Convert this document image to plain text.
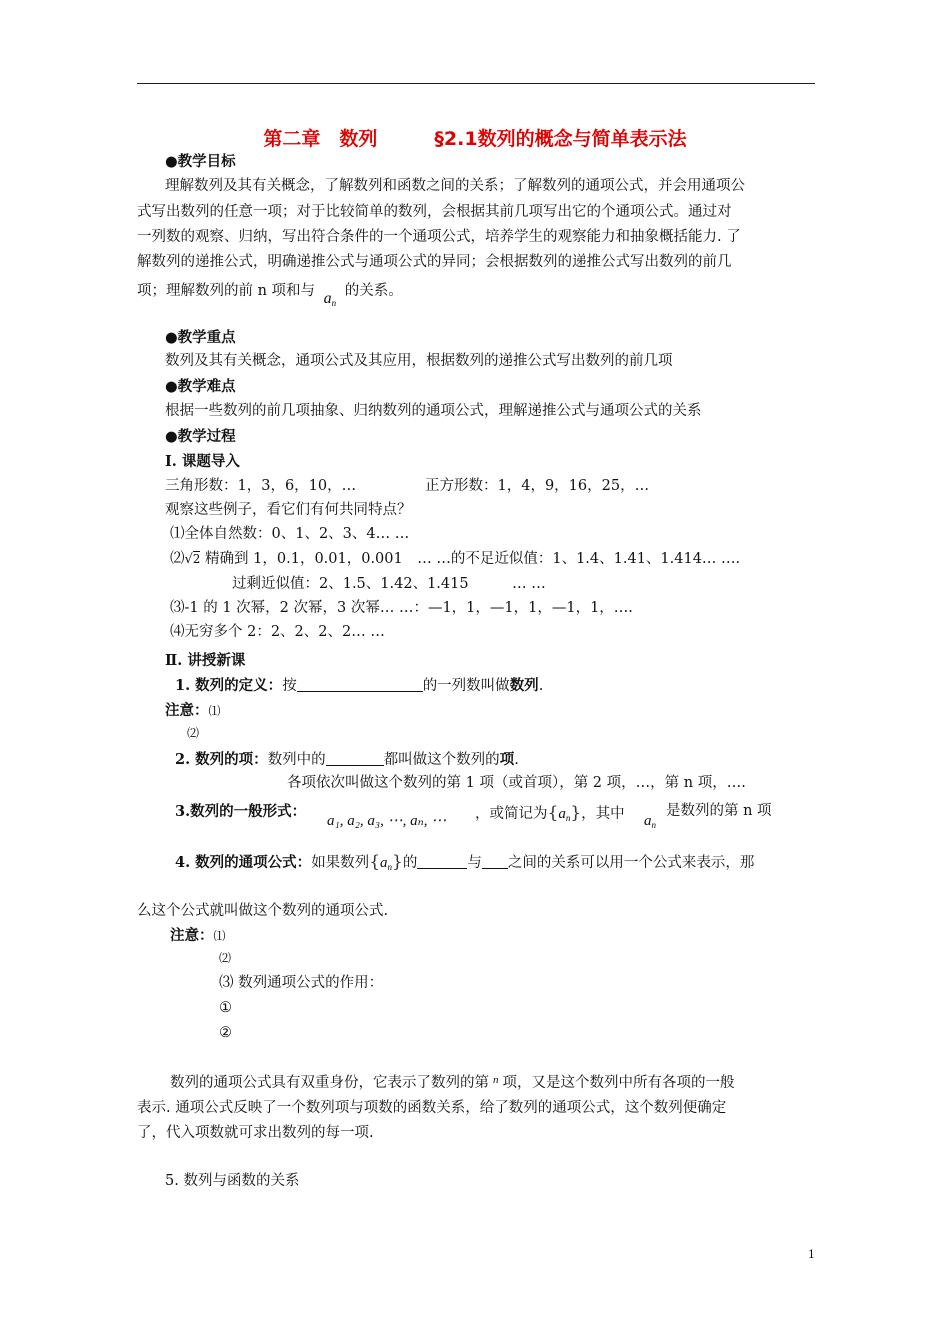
第二章　数列　　　§2.1数列的概念与简单表示法
●教学目标
理解数列及其有关概念，了解数列和函数之间的关系；了解数列的通项公式，并会用通项公
式写出数列的任意一项；对于比较简单的数列，会根据其前几项写出它的个通项公式。通过对
一列数的观察、归纳，写出符合条件的一个通项公式，培养学生的观察能力和抽象概括能力. 了
解数列的递推公式，明确递推公式与通项公式的异同；会根据数列的递推公式写出数列的前几
项；理解数列的前 n 项和与 $a_n$ 的关系。
●教学重点
数列及其有关概念，通项公式及其应用，根据数列的递推公式写出数列的前几项
●教学难点
根据一些数列的前几项抽象、归纳数列的通项公式，理解递推公式与通项公式的关系
●教学过程
Ⅰ. 课题导入
三角形数：1，3，6，10，…	正方形数：1，4，9，16，25，…
观察这些例子，看它们有何共同特点？
⑴全体自然数：0、1、2、3、4… …
⑵√2 精确到 1，0.1，0.01，0.001　… …的不足近似值：1、1.4、1.41、1.414… ….
过剩近似值：2、1.5、1.42、1.415　　　… …
⑶-1 的 1 次幂，2 次幂，3 次幂… …：—1，1，—1，1，—1，1，….
⑷无穷多个 2：2、2、2、2… …
Ⅱ. 讲授新课
1. 数列的定义：按	的一列数叫做数列.
注意：⑴
⑵
2. 数列的项：数列中的	都叫做这个数列的项.
各项依次叫做这个数列的第 1 项（或首项），第 2 项，…，第 n 项，….
3.数列的一般形式：
a₁, a₂, a₃, ⋯, aₙ, ⋯ ，或简记为$\{a_n\}$，其中 $a_n$
是数列的第 n 项
4. 数列的通项公式：如果数列$\{a_n\}$的	与 之间的关系可以用一个公式来表示，那
么这个公式就叫做这个数列的通项公式.
注意：⑴
⑵
⑶ 数列通项公式的作用：
①
②
数列的通项公式具有双重身份，它表示了数列的第 $^n$ 项，又是这个数列中所有各项的一般
表示. 通项公式反映了一个数列项与项数的函数关系，给了数列的通项公式，这个数列便确定
了，代入项数就可求出数列的每一项.
5. 数列与函数的关系
1
